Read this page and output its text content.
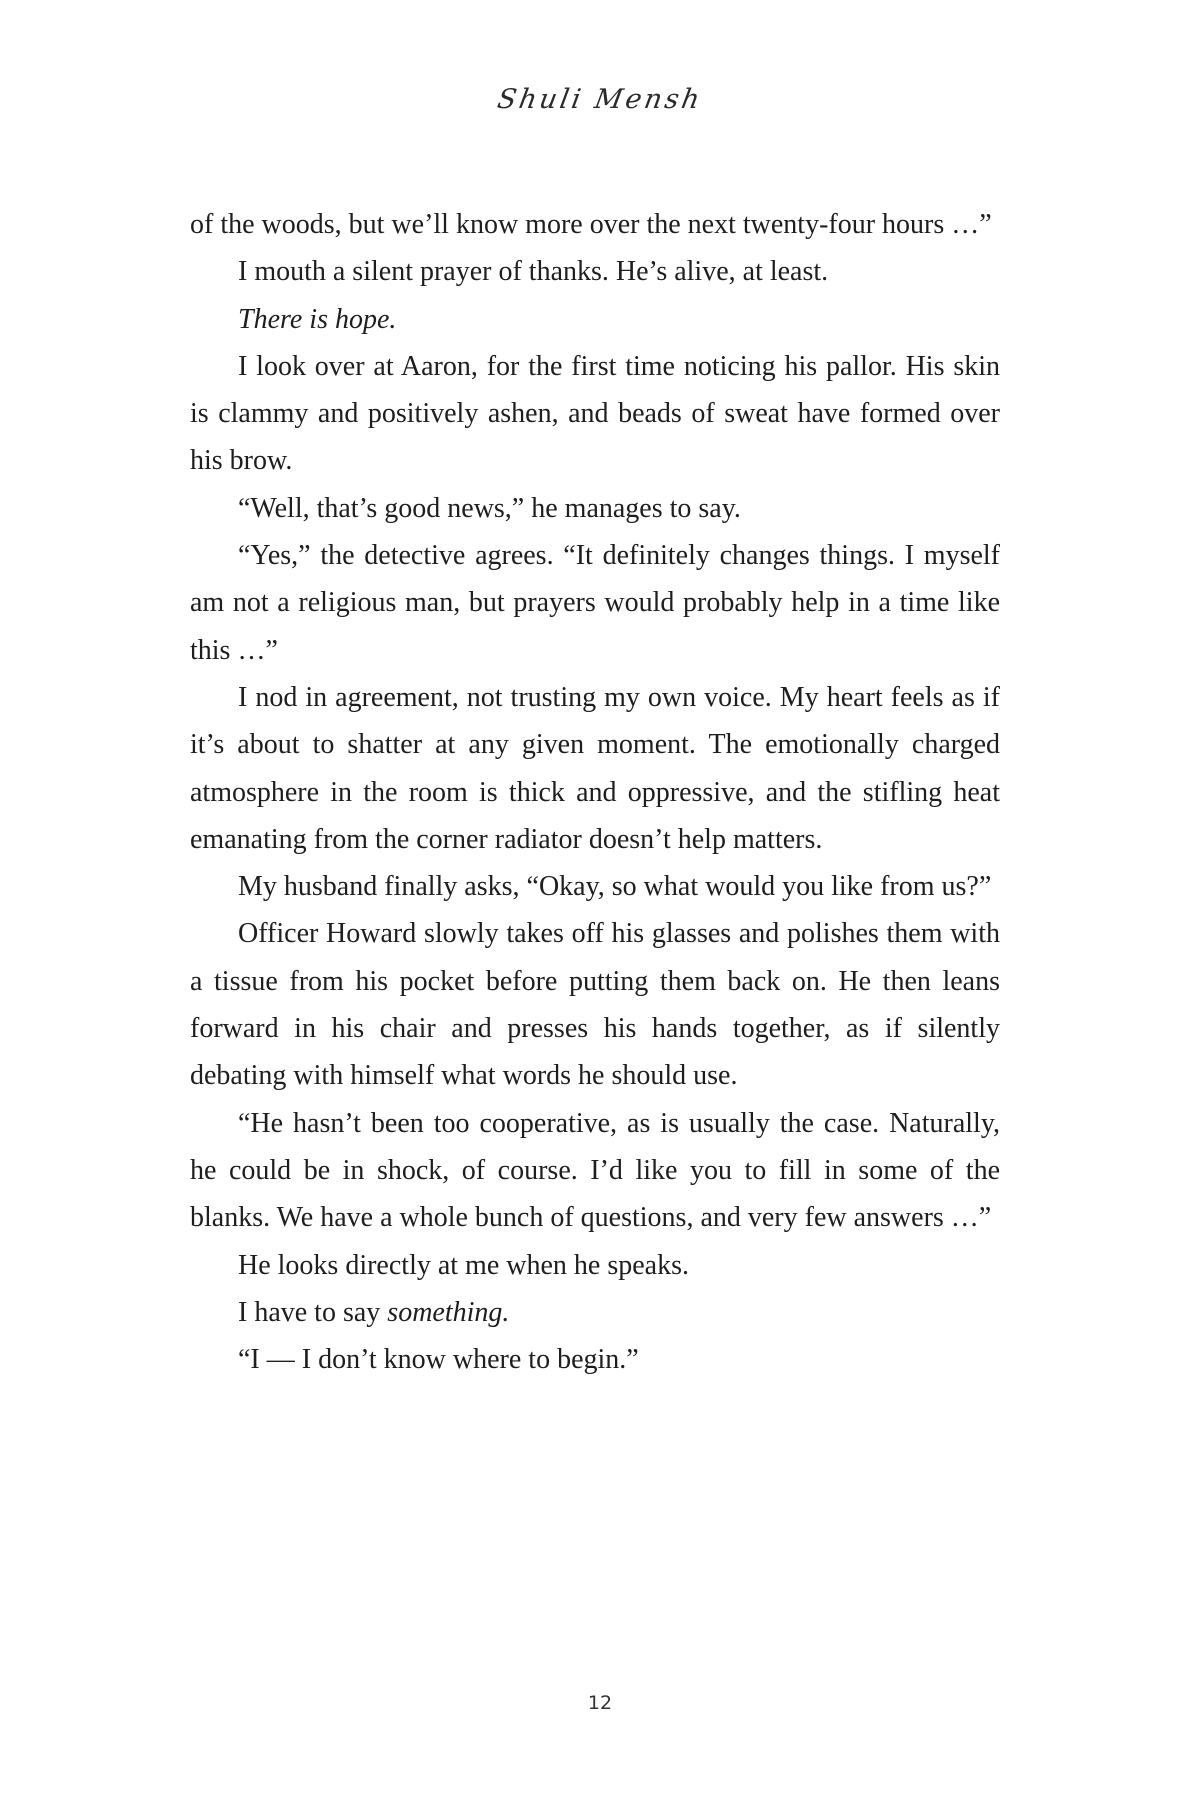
Shuli Mensh

of the woods, but we’ll know more over the next twenty-four hours …”

I mouth a silent prayer of thanks. He’s alive, at least.

There is hope.

I look over at Aaron, for the first time noticing his pallor. His skin is clammy and positively ashen, and beads of sweat have formed over his brow.

“Well, that’s good news,” he manages to say.

“Yes,” the detective agrees. “It definitely changes things. I myself am not a religious man, but prayers would probably help in a time like this …”

I nod in agreement, not trusting my own voice. My heart feels as if it’s about to shatter at any given moment. The emotionally charged atmosphere in the room is thick and oppressive, and the stifling heat emanating from the corner radiator doesn’t help matters.

My husband finally asks, “Okay, so what would you like from us?”

Officer Howard slowly takes off his glasses and polishes them with a tissue from his pocket before putting them back on. He then leans forward in his chair and presses his hands together, as if silently debating with himself what words he should use.

“He hasn’t been too cooperative, as is usually the case. Naturally, he could be in shock, of course. I’d like you to fill in some of the blanks. We have a whole bunch of questions, and very few answers …”

He looks directly at me when he speaks.

I have to say something.

“I — I don’t know where to begin.”

12
